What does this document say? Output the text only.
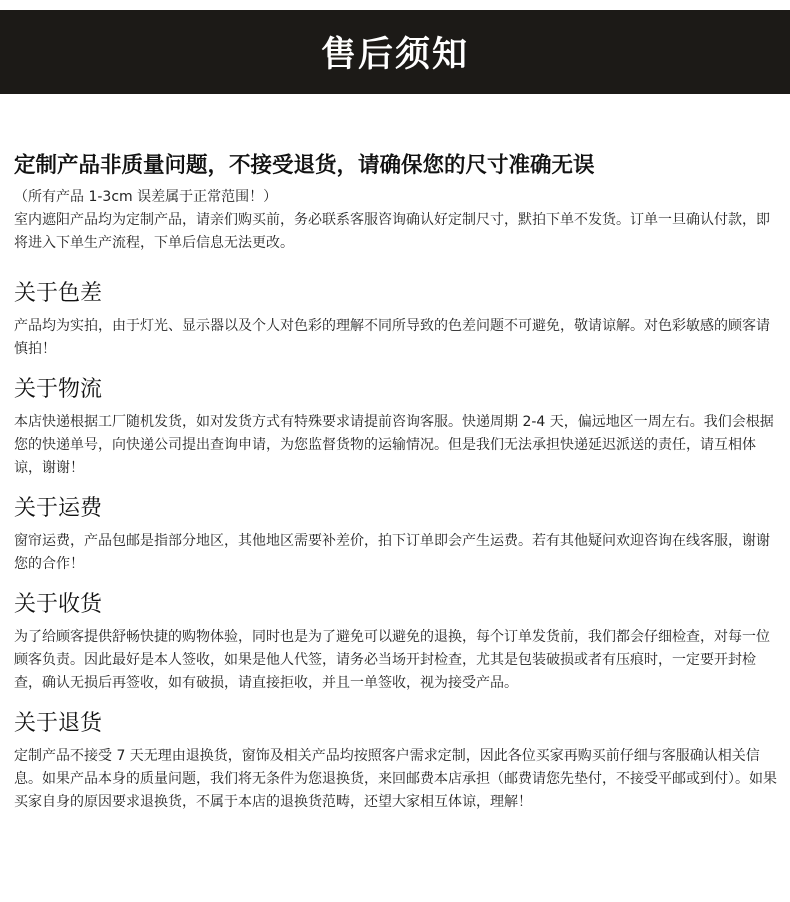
售后须知
定制产品非质量问题，不接受退货，请确保您的尺寸准确无误

（所有产品 1-3cm 误差属于正常范围！）

室内遮阳产品均为定制产品，请亲们购买前，务必联系客服咨询确认好定制尺寸，默拍下单不发货。订单一旦确认付款，即将进入下单生产流程，下单后信息无法更改。

关于色差

产品均为实拍，由于灯光、显示器以及个人对色彩的理解不同所导致的色差问题不可避免，敬请谅解。对色彩敏感的顾客请慎拍！

关于物流

本店快递根据工厂随机发货，如对发货方式有特殊要求请提前咨询客服。快递周期 2-4 天，偏远地区一周左右。我们会根据您的快递单号，向快递公司提出查询申请，为您监督货物的运输情况。但是我们无法承担快递延迟派送的责任，请互相体谅，谢谢！

关于运费

窗帘运费，产品包邮是指部分地区，其他地区需要补差价，拍下订单即会产生运费。若有其他疑问欢迎咨询在线客服，谢谢您的合作！

关于收货

为了给顾客提供舒畅快捷的购物体验，同时也是为了避免可以避免的退换，每个订单发货前，我们都会仔细检查，对每一位顾客负责。因此最好是本人签收，如果是他人代签，请务必当场开封检查，尤其是包装破损或者有压痕时，一定要开封检查，确认无损后再签收，如有破损，请直接拒收，并且一单签收，视为接受产品。

关于退货

定制产品不接受 7 天无理由退换货，窗饰及相关产品均按照客户需求定制，因此各位买家再购买前仔细与客服确认相关信息。如果产品本身的质量问题，我们将无条件为您退换货，来回邮费本店承担（邮费请您先垫付，不接受平邮或到付）。如果买家自身的原因要求退换货，不属于本店的退换货范畴，还望大家相互体谅，理解！
